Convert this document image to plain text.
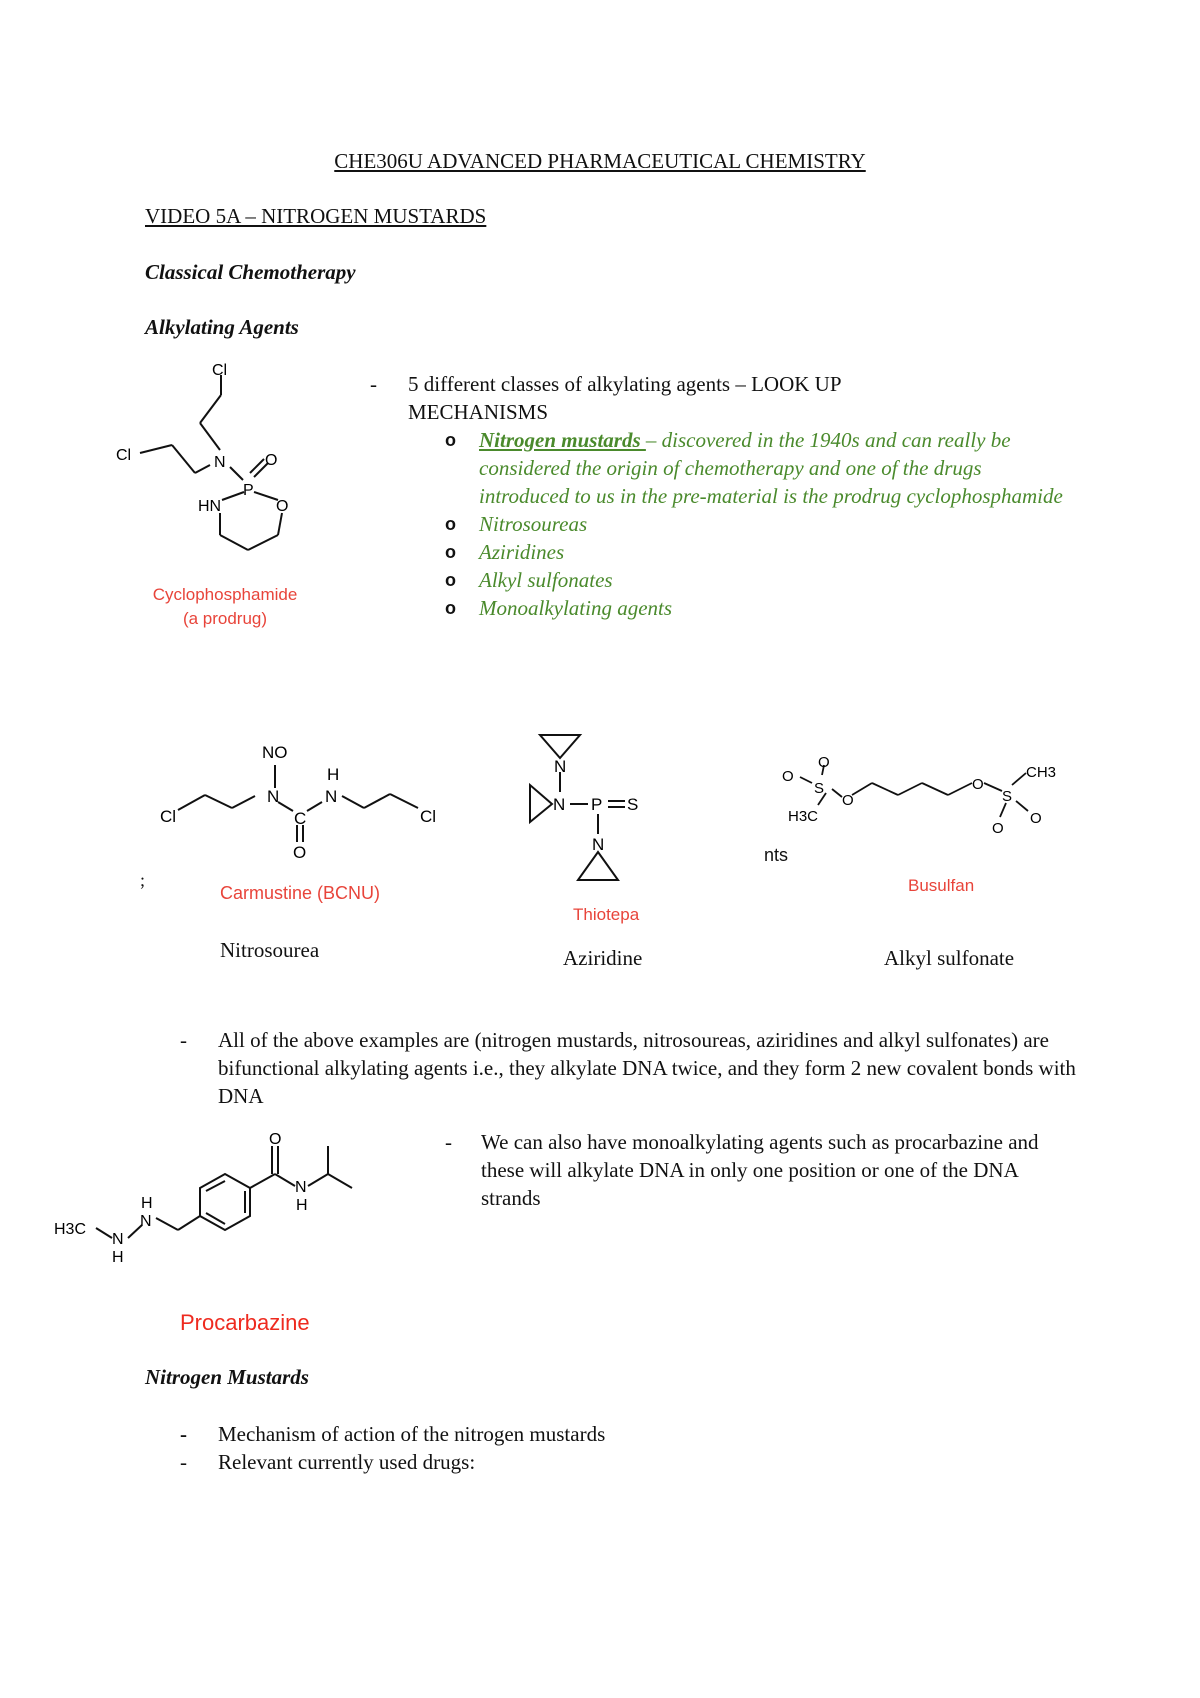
CHE306U ADVANCED PHARMACEUTICAL CHEMISTRY
VIDEO 5A – NITROGEN MUSTARDS
Classical Chemotherapy
Alkylating Agents
Cl
Cl	N
P
O
HN	O
Cyclophosphamide
(a prodrug)
-	5 different classes of alkylating agents – LOOK UP MECHANISMS
o Nitrogen mustards – discovered in the 1940s and can really be considered the origin of chemotherapy and one of the drugs introduced to us in the pre-material is the prodrug cyclophosphamide
o Nitrosoureas
o Aziridines
o Alkyl sulfonates
o Monoalkylating agents
NO
N
C
H
N
O
Cl	Cl
;
Carmustine (BCNU)
Nitrosourea
N
N P S
N
Thiotepa
Aziridine
O
S
O
H3C
O
O
S
CH3
O
O
nts
Busulfan
Alkyl sulfonate
-	All of the above examples are (nitrogen mustards, nitrosoureas, aziridines and alkyl sulfonates) are bifunctional alkylating agents i.e., they alkylate DNA twice, and they form 2 new covalent bonds with DNA
O
N
H
H3C	N
H
N
H
Procarbazine
-	We can also have monoalkylating agents such as procarbazine and these will alkylate DNA in only one position or one of the DNA strands
Nitrogen Mustards
-	Mechanism of action of the nitrogen mustards
-	Relevant currently used drugs:
